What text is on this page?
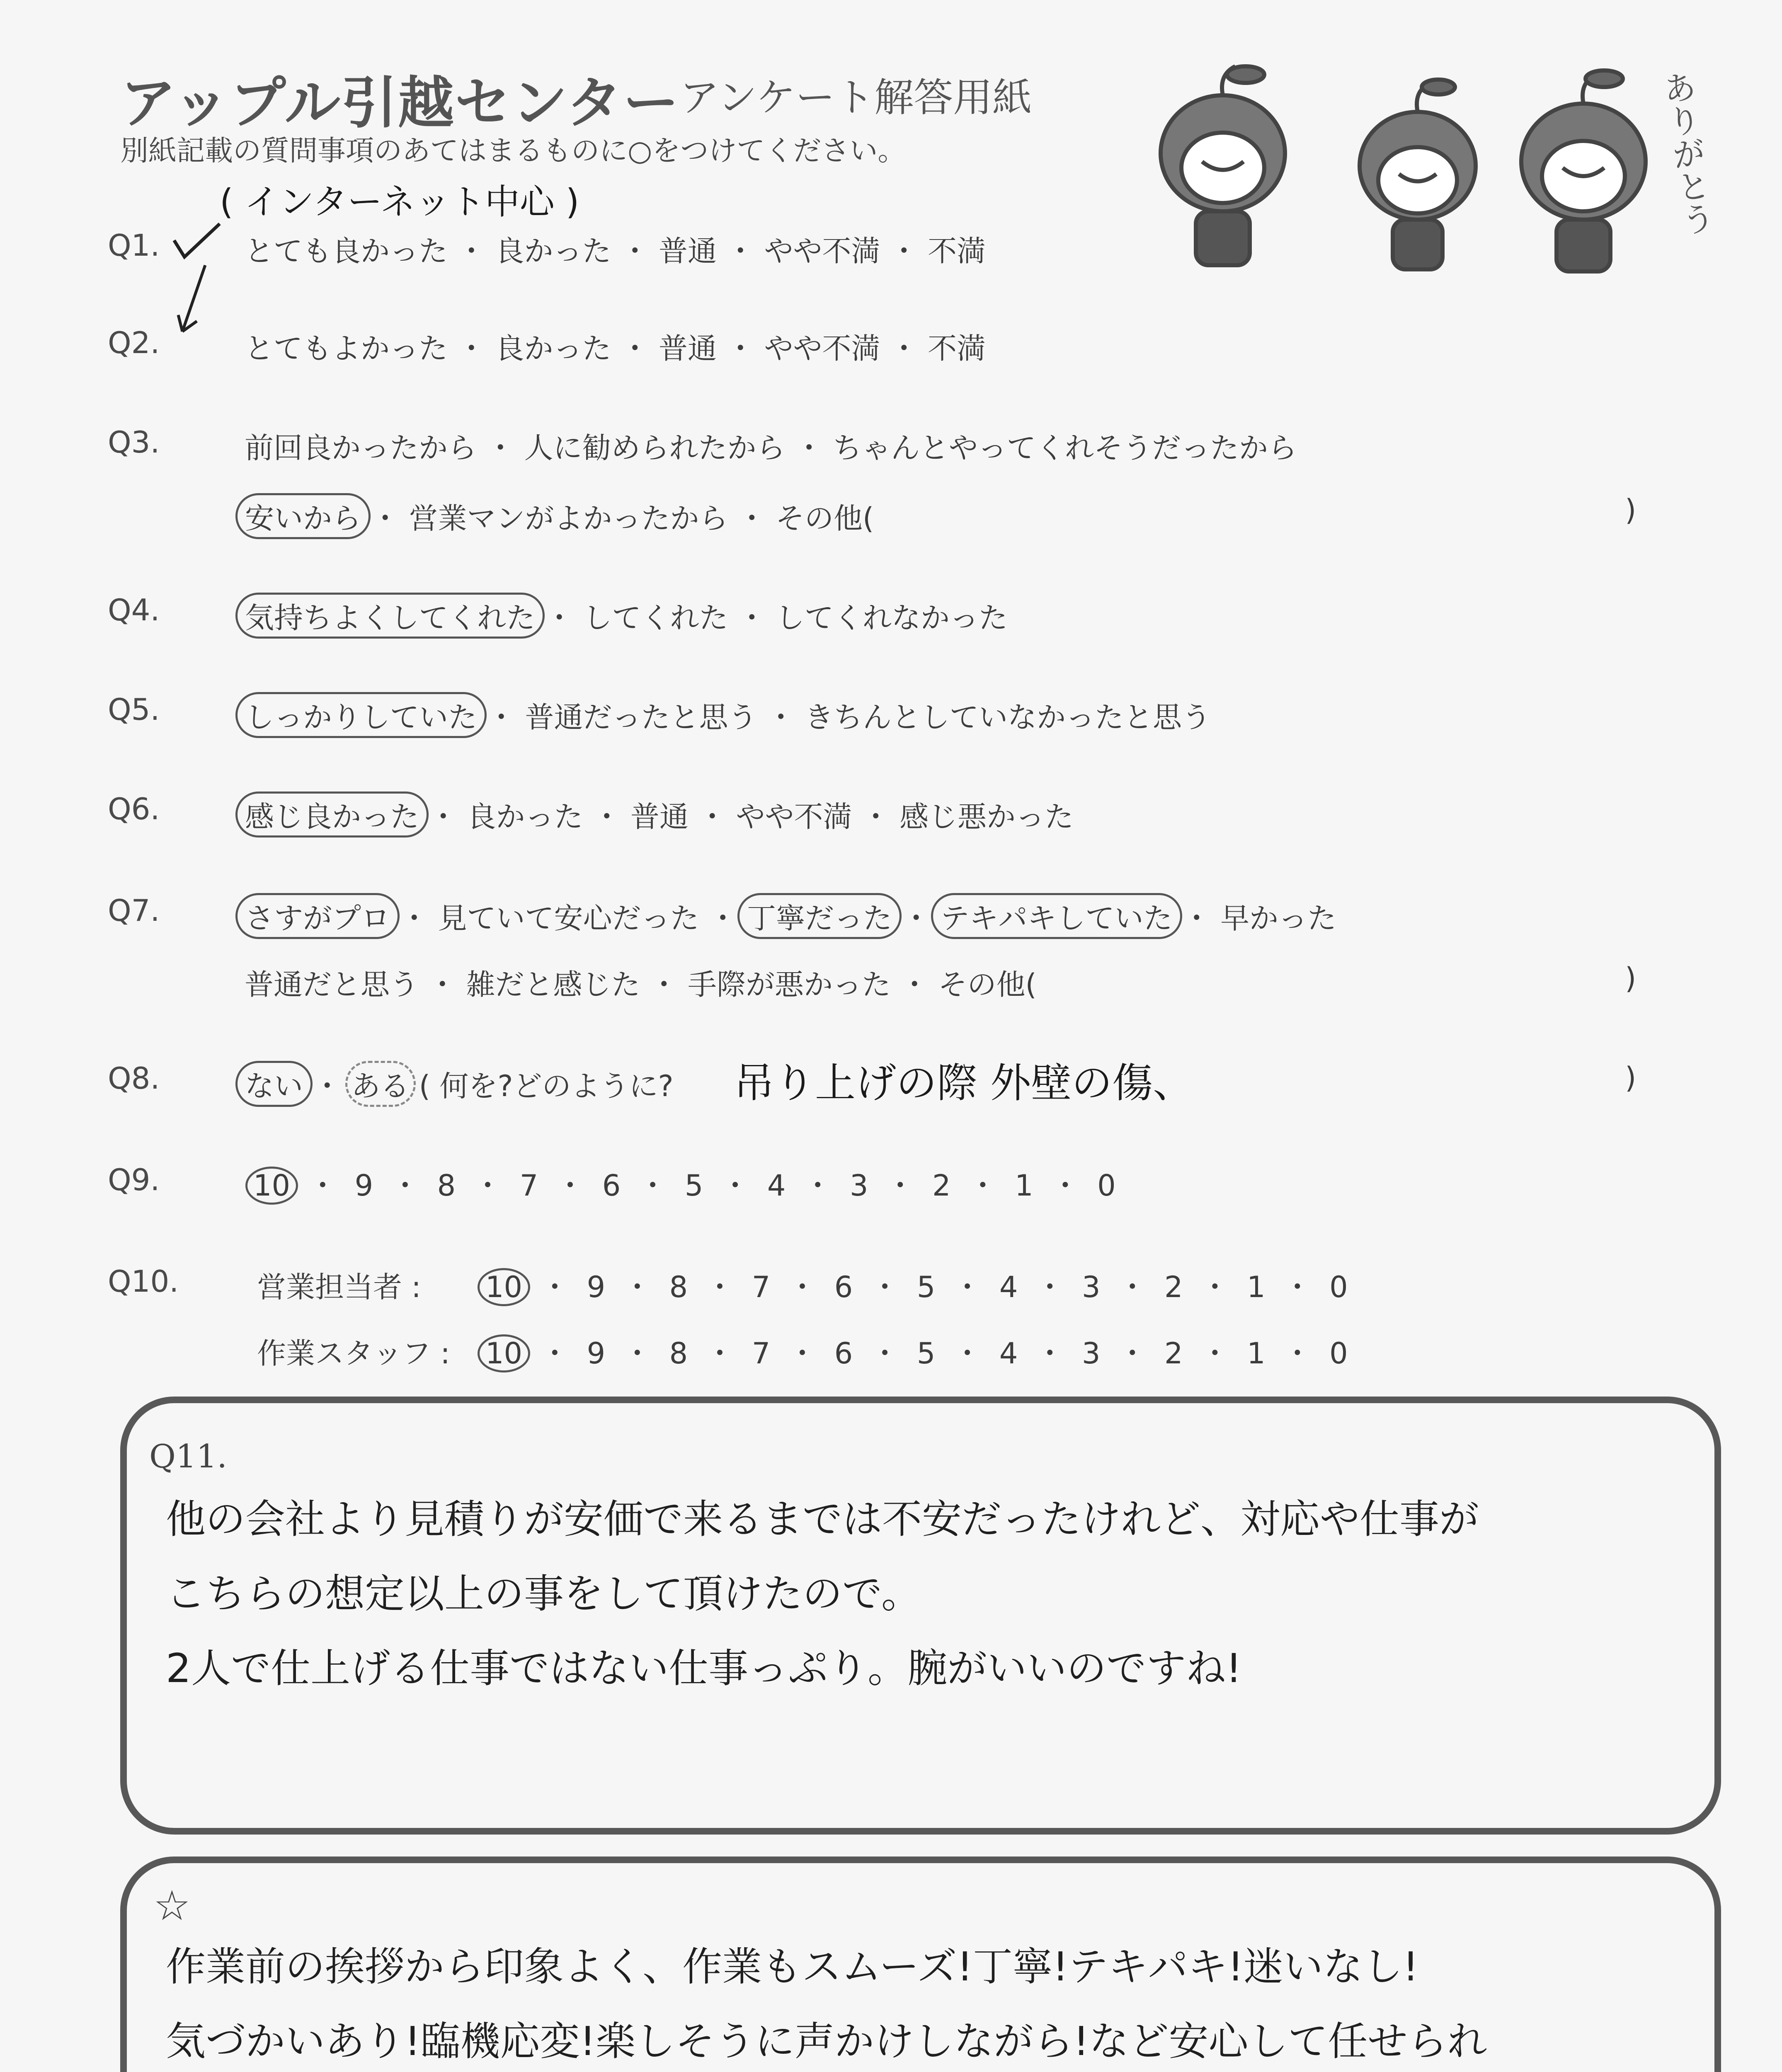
アップル引越センター アンケート解答用紙
別紙記載の質問事項のあてはまるものに○をつけてください。	ありがとう
Q1.
( インターネット中心 )
とても良かった ・ 良かった ・ 普通 ・ やや不満 ・ 不満
Q2.	とてもよかった ・ 良かった ・ 普通 ・ やや不満 ・ 不満
Q3.	前回良かったから ・ 人に勧められたから ・ ちゃんとやってくれそうだったから
安いから ・ 営業マンがよかったから ・ その他(	)
Q4.	気持ちよくしてくれた ・ してくれた ・ してくれなかった
Q5.	しっかりしていた ・ 普通だったと思う ・ きちんとしていなかったと思う
Q6.	感じ良かった ・ 良かった ・ 普通 ・ やや不満 ・ 感じ悪かった
Q7.	さすがプロ ・ 見ていて安心だった ・ 丁寧だった ・ テキパキしていた ・ 早かった
普通だと思う ・ 雑だと感じた ・ 手際が悪かった ・ その他(	)
Q8.	ない ・ ある ( 何を?どのように? 吊り上げの際 外壁の傷、	)
Q9.	10 ・ 9 ・ 8 ・ 7 ・ 6 ・ 5 ・ 4 ・ 3 ・ 2 ・ 1 ・ 0
Q10.	営業担当者 : 10 ・ 9 ・ 8 ・ 7 ・ 6 ・ 5 ・ 4 ・ 3 ・ 2 ・ 1 ・ 0
作業スタッフ : 10 ・ 9 ・ 8 ・ 7 ・ 6 ・ 5 ・ 4 ・ 3 ・ 2 ・ 1 ・ 0
Q11.
他の会社より見積りが安価で来るまでは不安だったけれど、対応や仕事が
こちらの想定以上の事をして頂けたので。
2人で仕上げる仕事ではない仕事っぷり。腕がいいのですね!
☆
作業前の挨拶から印象よく、作業もスムーズ!丁寧!テキパキ!迷いなし!
気づかいあり!臨機応変!楽しそうに声かけしながら!など安心して任せられ
